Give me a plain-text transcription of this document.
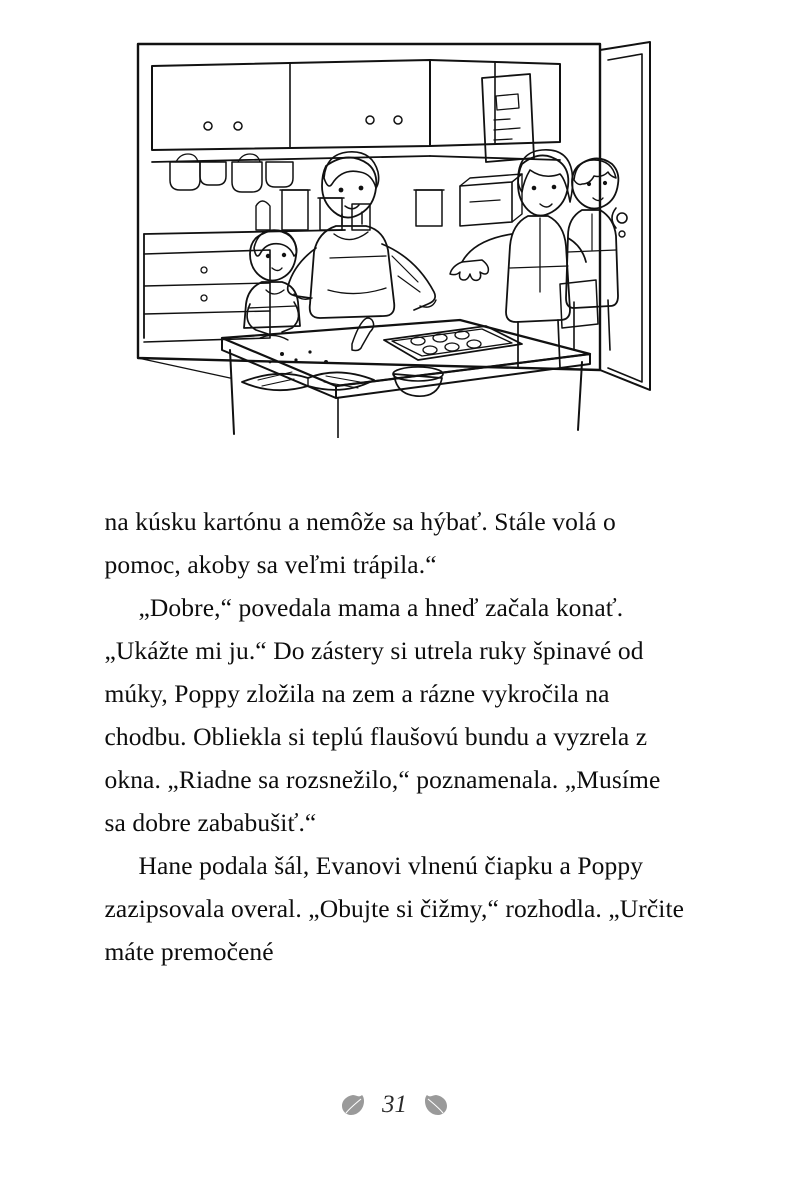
na kúsku kartónu a nemôže sa hýbať. Stále volá o pomoc, akoby sa veľmi trápila.“

„Dobre,“ povedala mama a hneď začala konať. „Ukážte mi ju.“ Do zástery si utrela ruky špinavé od múky, Poppy zložila na zem a rázne vykročila na chodbu. Obliekla si teplú flaušovú bundu a vyzrela z okna. „Riadne sa rozsnežilo,“ poznamenala. „Musíme sa dobre zababušiť.“

Hane podala šál, Evanovi vlnenú čiapku a Poppy zazipsovala overal. „Obujte si čižmy,“ rozhodla. „Určite máte premočené

31
